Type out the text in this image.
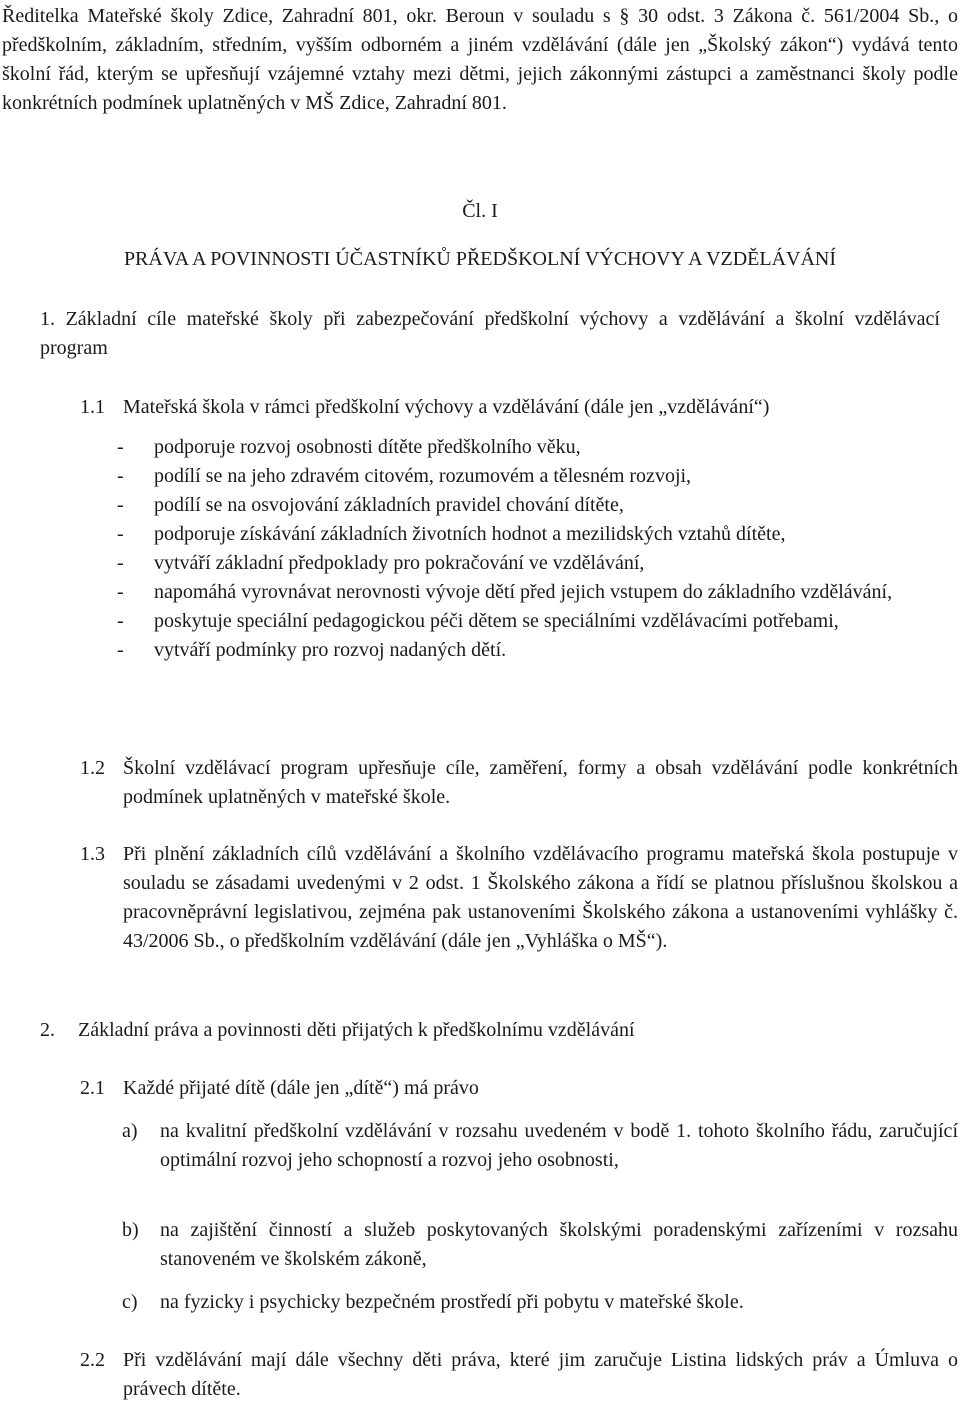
Ředitelka Mateřské školy Zdice, Zahradní 801, okr. Beroun v souladu s § 30 odst. 3 Zákona č. 561/2004 Sb., o předškolním, základním, středním, vyšším odborném a jiném vzdělávání (dále jen „Školský zákon“) vydává tento školní řád, kterým se upřesňují vzájemné vztahy mezi dětmi, jejich zákonnými zástupci a zaměstnanci školy podle konkrétních podmínek uplatněných v MŠ Zdice, Zahradní 801.

Čl. I

PRÁVA A POVINNOSTI ÚČASTNÍKŮ PŘEDŠKOLNÍ VÝCHOVY A VZDĚLÁVÁNÍ

1. Základní cíle mateřské školy při zabezpečování předškolní výchovy a vzdělávání a školní vzdělávací program

1.1 Mateřská škola v rámci předškolní výchovy a vzdělávání (dále jen „vzdělávání“)
- podporuje rozvoj osobnosti dítěte předškolního věku,
- podílí se na jeho zdravém citovém, rozumovém a tělesném rozvoji,
- podílí se na osvojování základních pravidel chování dítěte,
- podporuje získávání základních životních hodnot a mezilidských vztahů dítěte,
- vytváří základní předpoklady pro pokračování ve vzdělávání,
- napomáhá vyrovnávat nerovnosti vývoje dětí před jejich vstupem do základního vzdělávání,
- poskytuje speciální pedagogickou péči dětem se speciálními vzdělávacími potřebami,
- vytváří podmínky pro rozvoj nadaných dětí.
1.2 Školní vzdělávací program upřesňuje cíle, zaměření, formy a obsah vzdělávání podle konkrétních podmínek uplatněných v mateřské škole.
1.3 Při plnění základních cílů vzdělávání a školního vzdělávacího programu mateřská škola postupuje v souladu se zásadami uvedenými v 2 odst. 1 Školského zákona a řídí se platnou příslušnou školskou a pracovněprávní legislativou, zejména pak ustanoveními Školského zákona a ustanoveními vyhlášky č. 43/2006 Sb., o předškolním vzdělávání (dále jen „Vyhláška o MŠ“).
2. Základní práva a povinnosti děti přijatých k předškolnímu vzdělávání
2.1 Každé přijaté dítě (dále jen „dítě“) má právo
a) na kvalitní předškolní vzdělávání v rozsahu uvedeném v bodě 1. tohoto školního řádu, zaručující optimální rozvoj jeho schopností a rozvoj jeho osobnosti,
b) na zajištění činností a služeb poskytovaných školskými poradenskými zařízeními v rozsahu stanoveném ve školském zákoně,
c) na fyzicky i psychicky bezpečném prostředí při pobytu v mateřské škole.
2.2 Při vzdělávání mají dále všechny děti práva, které jim zaručuje Listina lidských práv a Úmluva o právech dítěte.
